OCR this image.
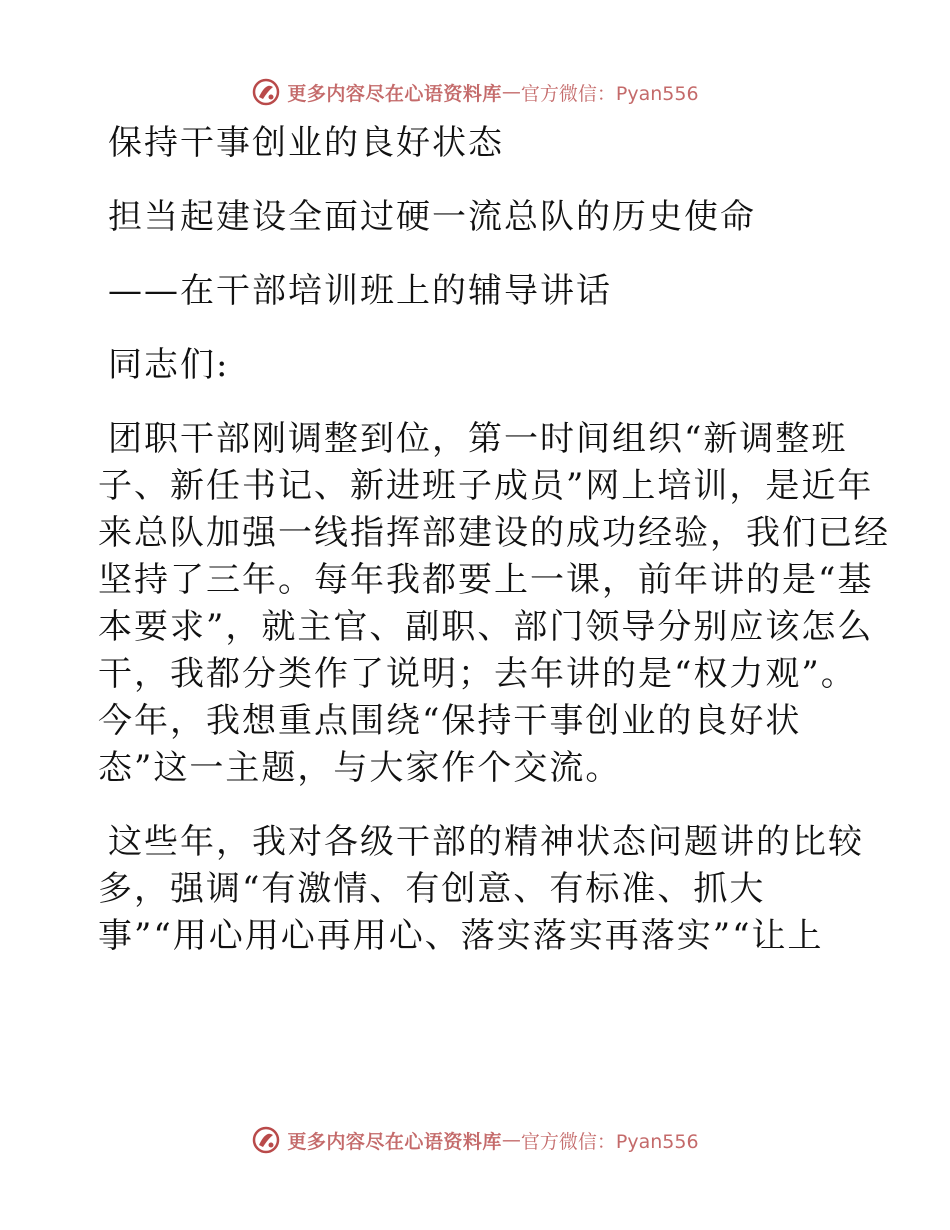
更多内容尽在心语资料库 — 官方微信：Pyan556
保持干事创业的良好状态
担当起建设全面过硬一流总队的历史使命
——在干部培训班上的辅导讲话
同志们:
团职干部刚调整到位，第一时间组织“新调整班
子、新任书记、新进班子成员”网上培训，是近年
来总队加强一线指挥部建设的成功经验，我们已经
坚持了三年。每年我都要上一课，前年讲的是“基
本要求”，就主官、副职、部门领导分别应该怎么
干，我都分类作了说明；去年讲的是“权力观”。
今年，我想重点围绕“保持干事创业的良好状
态”这一主题，与大家作个交流。
这些年，我对各级干部的精神状态问题讲的比较
多，强调“有激情、有创意、有标准、抓大
事”“用心用心再用心、落实落实再落实”“让上
更多内容尽在心语资料库 — 官方微信：Pyan556
